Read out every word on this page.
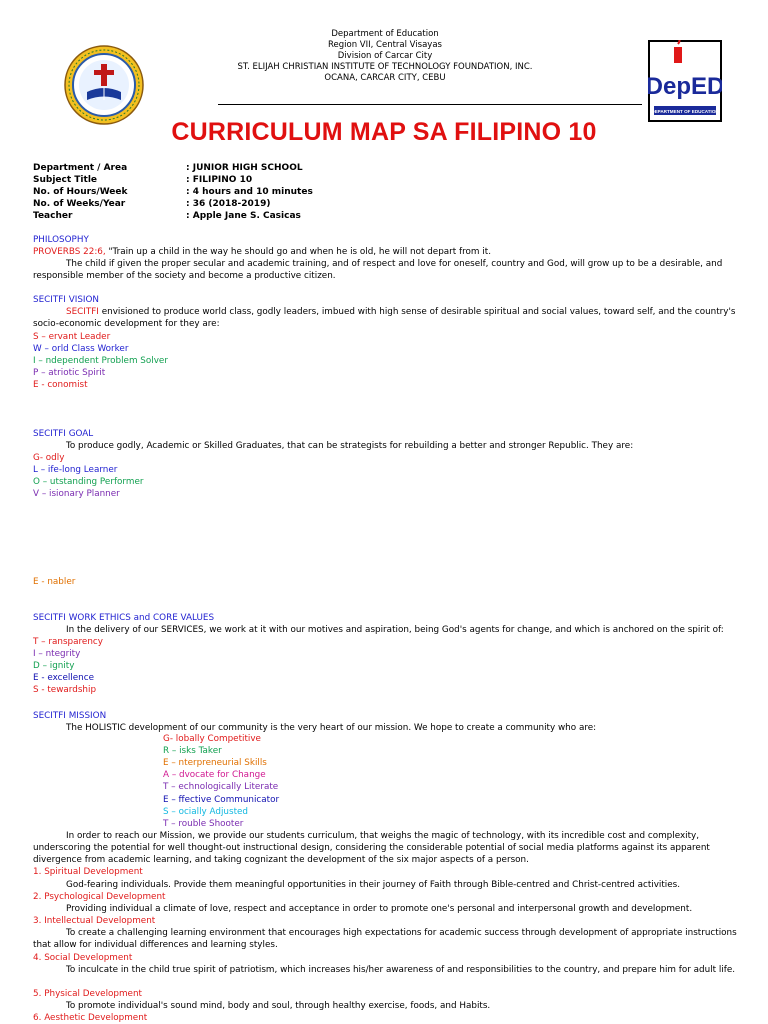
Department of Education
Region VII, Central Visayas
Division of Carcar City
ST. ELIJAH CHRISTIAN INSTITUTE OF TECHNOLOGY FOUNDATION, INC.
OCANA, CARCAR CITY, CEBU	DepED
DEPARTMENT OF EDUCATION
CURRICULUM MAP SA FILIPINO 10
Department / Area	: JUNIOR HIGH SCHOOL
Subject Title	: FILIPINO 10
No. of Hours/Week	: 4 hours and 10 minutes
No. of Weeks/Year	: 36 (2018-2019)
Teacher	: Apple Jane S. Casicas
PHILOSOPHY
PROVERBS 22:6, "Train up a child in the way he should go and when he is old, he will not depart from it.
The child if given the proper secular and academic training, and of respect and love for oneself, country and God, will grow up to be a desirable, and responsible member of the society and become a productive citizen.
SECITFI VISION
SECITFI envisioned to produce world class, godly leaders, imbued with high sense of desirable spiritual and social values, toward self, and the country's socio-economic development for they are:
S – ervant Leader
W – orld Class Worker
I – ndependent Problem Solver
P – atriotic Spirit
E - conomist
SECITFI GOAL
To produce godly, Academic or Skilled Graduates, that can be strategists for rebuilding a better and stronger Republic. They are:
G- odly
L – ife-long Learner
O – utstanding Performer
V – isionary Planner
E - nabler
SECITFI WORK ETHICS and CORE VALUES
In the delivery of our SERVICES, we work at it with our motives and aspiration, being God's agents for change, and which is anchored on the spirit of:
T – ransparency
I – ntegrity
D – ignity
E - excellence
S - tewardship
SECITFI MISSION
The HOLISTIC development of our community is the very heart of our mission. We hope to create a community who are:
G- lobally Competitive
R – isks Taker
E – nterpreneurial Skills
A – dvocate for Change
T – echnologically Literate
E – ffective Communicator
S – ocially Adjusted
T – rouble Shooter
In order to reach our Mission, we provide our students curriculum, that weighs the magic of technology, with its incredible cost and complexity, underscoring the potential for well thought-out instructional design, considering the considerable potential of social media platforms against its apparent divergence from academic learning, and taking cognizant the development of the six major aspects of a person.
1. Spiritual Development
God-fearing individuals. Provide them meaningful opportunities in their journey of Faith through Bible-centred and Christ-centred activities.
2. Psychological Development
Providing individual a climate of love, respect and acceptance in order to promote one's personal and interpersonal growth and development.
3. Intellectual Development
To create a challenging learning environment that encourages high expectations for academic success through development of appropriate instructions that allow for individual differences and learning styles.
4. Social Development
To inculcate in the child true spirit of patriotism, which increases his/her awareness of and responsibilities to the country, and prepare him for adult life.
5. Physical Development
To promote individual's sound mind, body and soul, through healthy exercise, foods, and Habits.
6. Aesthetic Development
